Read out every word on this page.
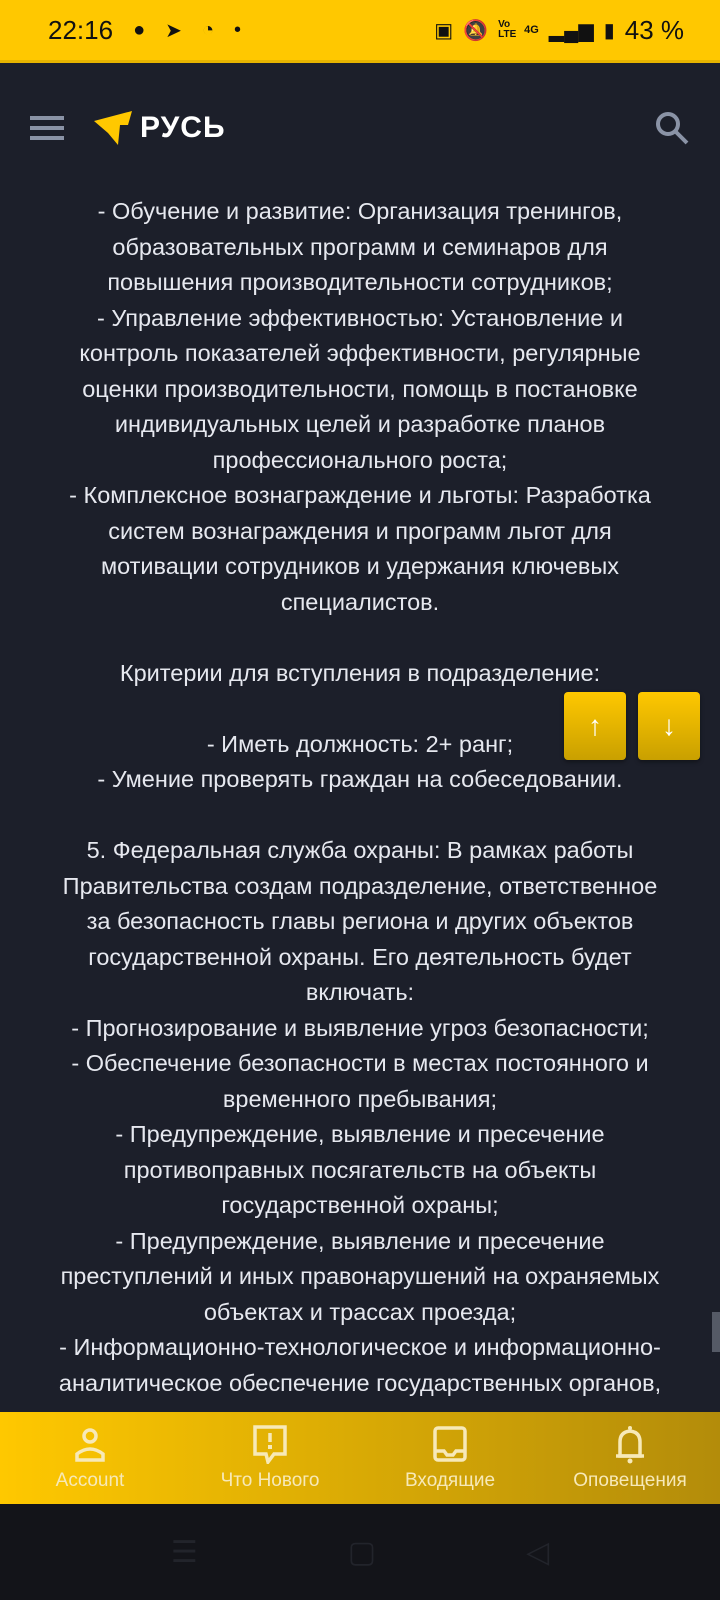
22:16 ● ➤ ◔ •	▣ 🔕 Vo LTE 4G ▂▄▆ ▮ 43 %
РУСЬ
- Обучение и развитие: Организация тренингов,
образовательных программ и семинаров для
повышения производительности сотрудников;
- Управление эффективностью: Установление и
контроль показателей эффективности, регулярные
оценки производительности, помощь в постановке
индивидуальных целей и разработке планов
профессионального роста;
- Комплексное вознаграждение и льготы: Разработка
систем вознаграждения и программ льгот для
мотивации сотрудников и удержания ключевых
специалистов.
Критерии для вступления в подразделение:
- Иметь должность: 2+ ранг;
- Умение проверять граждан на собеседовании.
5. Федеральная служба охраны: В рамках работы
Правительства создам подразделение, ответственное
за безопасность главы региона и других объектов
государственной охраны. Его деятельность будет
включать:
- Прогнозирование и выявление угроз безопасности;
- Обеспечение безопасности в местах постоянного и
временного пребывания;
- Предупреждение, выявление и пресечение
противоправных посягательств на объекты
государственной охраны;
- Предупреждение, выявление и пресечение
преступлений и иных правонарушений на охраняемых
объектах и трассах проезда;
- Информационно-технологическое и информационно-
аналитическое обеспечение государственных органов,
↑	↓
Account	Что Нового	Входящие	Оповещения
☰	▢	◁
